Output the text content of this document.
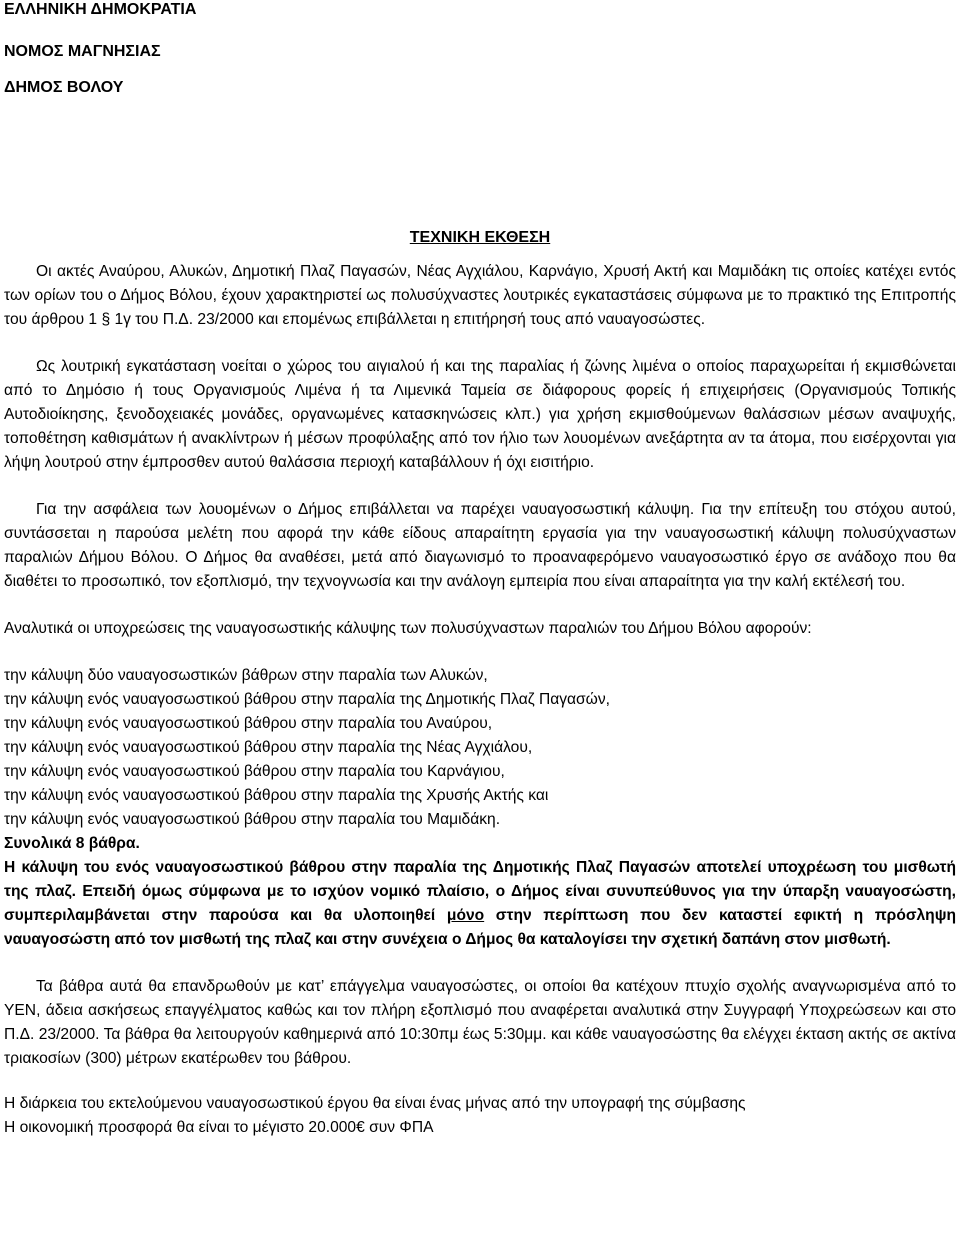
ΕΛΛΗΝΙΚΗ ΔΗΜΟΚΡΑΤΙΑ

ΝΟΜΟΣ ΜΑΓΝΗΣΙΑΣ

ΔΗΜΟΣ ΒΟΛΟΥ

ΤΕΧΝΙΚΗ ΕΚΘΕΣΗ

Οι ακτές Αναύρου, Αλυκών, Δημοτική Πλαζ Παγασών, Νέας Αγχιάλου, Καρνάγιο, Χρυσή Ακτή και Μαμιδάκη τις οποίες κατέχει εντός των ορίων του ο Δήμος Βόλου, έχουν χαρακτηριστεί ως πολυσύχναστες λουτρικές εγκαταστάσεις σύμφωνα με το πρακτικό της Επιτροπής του άρθρου 1 § 1γ του Π.Δ. 23/2000 και επομένως επιβάλλεται η επιτήρησή τους από ναυαγοσώστες.

Ως λουτρική εγκατάσταση νοείται ο χώρος του αιγιαλού ή και της παραλίας ή ζώνης λιμένα ο οποίος παραχωρείται ή εκμισθώνεται από το Δημόσιο ή τους Οργανισμούς Λιμένα ή τα Λιμενικά Ταμεία σε διάφορους φορείς ή επιχειρήσεις (Οργανισμούς Τοπικής Αυτοδιοίκησης, ξενοδοχειακές μονάδες, οργανωμένες κατασκηνώσεις κλπ.) για χρήση εκμισθούμενων θαλάσσιων μέσων αναψυχής, τοποθέτηση καθισμάτων ή ανακλίντρων ή μέσων προφύλαξης από τον ήλιο των λουομένων ανεξάρτητα αν τα άτομα, που εισέρχονται για λήψη λουτρού στην έμπροσθεν αυτού θαλάσσια περιοχή καταβάλλουν ή όχι εισιτήριο.

Για την ασφάλεια των λουομένων ο Δήμος επιβάλλεται να παρέχει ναυαγοσωστική κάλυψη. Για την επίτευξη του στόχου αυτού, συντάσσεται η παρούσα μελέτη που αφορά την κάθε είδους απαραίτητη εργασία για την ναυαγοσωστική κάλυψη πολυσύχναστων παραλιών Δήμου Βόλου. Ο Δήμος θα αναθέσει, μετά από διαγωνισμό το προαναφερόμενο ναυαγοσωστικό έργο σε ανάδοχο που θα διαθέτει το προσωπικό, τον εξοπλισμό, την τεχνογνωσία και την ανάλογη εμπειρία που είναι απαραίτητα για την καλή εκτέλεσή του.

Αναλυτικά οι υποχρεώσεις της ναυαγοσωστικής κάλυψης των πολυσύχναστων παραλιών του Δήμου Βόλου αφορούν:

την κάλυψη δύο ναυαγοσωστικών βάθρων στην παραλία των Αλυκών,

την κάλυψη ενός ναυαγοσωστικού βάθρου στην παραλία της Δημοτικής Πλαζ Παγασών,

την κάλυψη ενός ναυαγοσωστικού βάθρου στην παραλία του Αναύρου,

την κάλυψη ενός ναυαγοσωστικού βάθρου στην παραλία της Νέας Αγχιάλου,

την κάλυψη ενός ναυαγοσωστικού βάθρου στην παραλία του Καρνάγιου,

την κάλυψη ενός ναυαγοσωστικού βάθρου στην παραλία της Χρυσής Ακτής και

την κάλυψη ενός ναυαγοσωστικού βάθρου στην παραλία του Μαμιδάκη.

Συνολικά 8 βάθρα.

Η κάλυψη του ενός ναυαγοσωστικού βάθρου στην παραλία της Δημοτικής Πλαζ Παγασών αποτελεί υποχρέωση του μισθωτή της πλαζ. Επειδή όμως σύμφωνα με το ισχύον νομικό πλαίσιο, ο Δήμος είναι συνυπεύθυνος για την ύπαρξη ναυαγοσώστη, συμπεριλαμβάνεται στην παρούσα και θα υλοποιηθεί μόνο στην περίπτωση που δεν καταστεί εφικτή η πρόσληψη ναυαγοσώστη από τον μισθωτή της πλαζ και στην συνέχεια ο Δήμος θα καταλογίσει την σχετική δαπάνη στον μισθωτή.

Τα βάθρα αυτά θα επανδρωθούν με κατ’ επάγγελμα ναυαγοσώστες, οι οποίοι θα κατέχουν πτυχίο σχολής αναγνωρισμένα από το ΥΕΝ, άδεια ασκήσεως επαγγέλματος καθώς και τον πλήρη εξοπλισμό που αναφέρεται αναλυτικά στην Συγγραφή Υποχρεώσεων και στο Π.Δ. 23/2000. Τα βάθρα θα λειτουργούν καθημερινά από 10:30πμ έως 5:30μμ. και κάθε ναυαγοσώστης θα ελέγχει έκταση ακτής σε ακτίνα τριακοσίων (300) μέτρων εκατέρωθεν του βάθρου.

Η διάρκεια του εκτελούμενου ναυαγοσωστικού έργου θα είναι ένας μήνας από την υπογραφή της σύμβασης

Η οικονομική προσφορά θα είναι το μέγιστο 20.000€ συν ΦΠΑ
